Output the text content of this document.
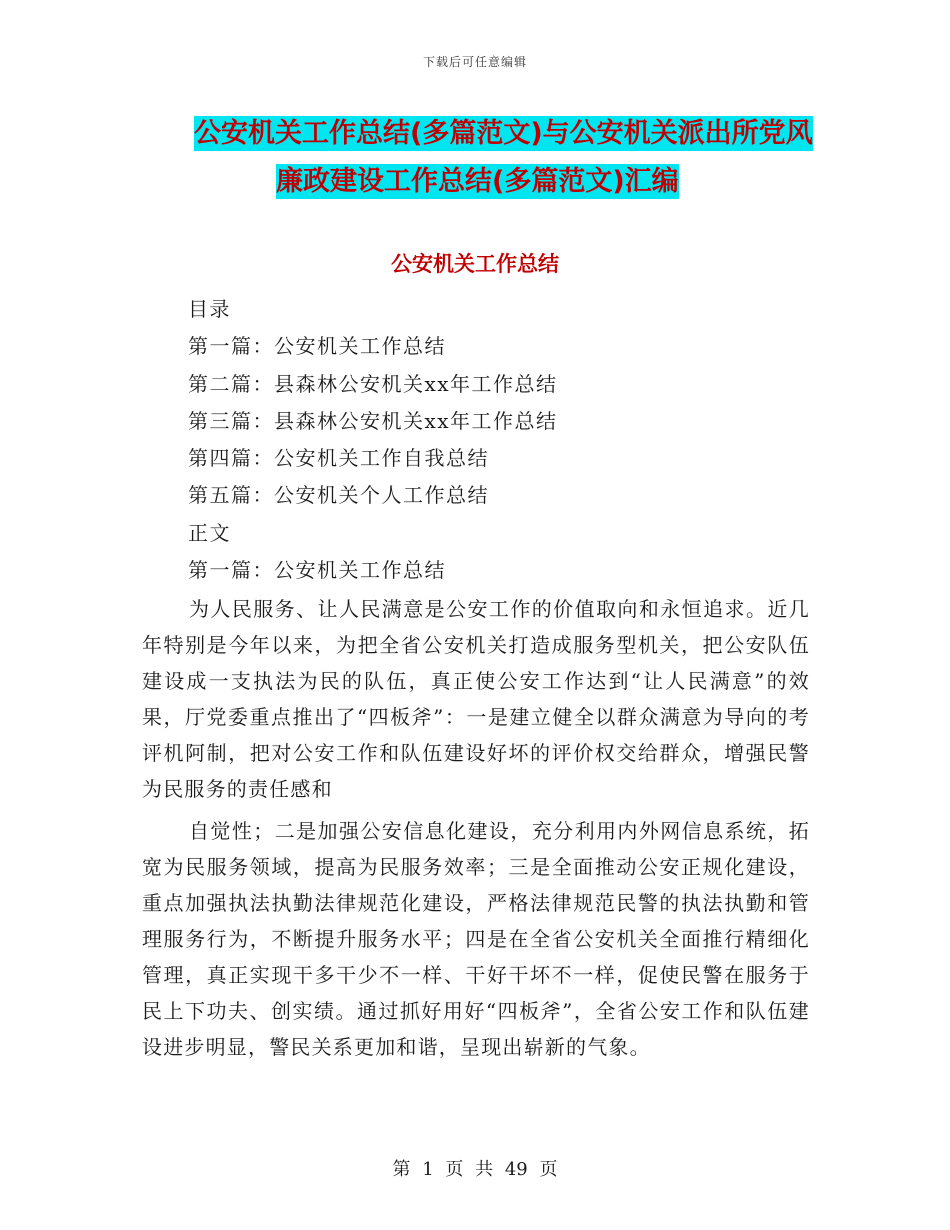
下载后可任意编辑
公安机关工作总结(多篇范文)与公安机关派出所党风
廉政建设工作总结(多篇范文)汇编
公安机关工作总结
目录
第一篇：公安机关工作总结
第二篇：县森林公安机关xx年工作总结
第三篇：县森林公安机关xx年工作总结
第四篇：公安机关工作自我总结
第五篇：公安机关个人工作总结
正文
第一篇：公安机关工作总结

为人民服务、让人民满意是公安工作的价值取向和永恒追求。近几年特别是今年以来，为把全省公安机关打造成服务型机关，把公安队伍建设成一支执法为民的队伍，真正使公安工作达到“让人民满意”的效果，厅党委重点推出了“四板斧”：一是建立健全以群众满意为导向的考评机阿制，把对公安工作和队伍建设好坏的评价权交给群众，增强民警为民服务的责任感和

自觉性；二是加强公安信息化建设，充分利用内外网信息系统，拓宽为民服务领域，提高为民服务效率；三是全面推动公安正规化建设，重点加强执法执勤法律规范化建设，严格法律规范民警的执法执勤和管理服务行为，不断提升服务水平；四是在全省公安机关全面推行精细化管理，真正实现干多干少不一样、干好干坏不一样，促使民警在服务于民上下功夫、创实绩。通过抓好用好“四板斧”，全省公安工作和队伍建设进步明显，警民关系更加和谐，呈现出崭新的气象。

第 1 页 共 49 页
